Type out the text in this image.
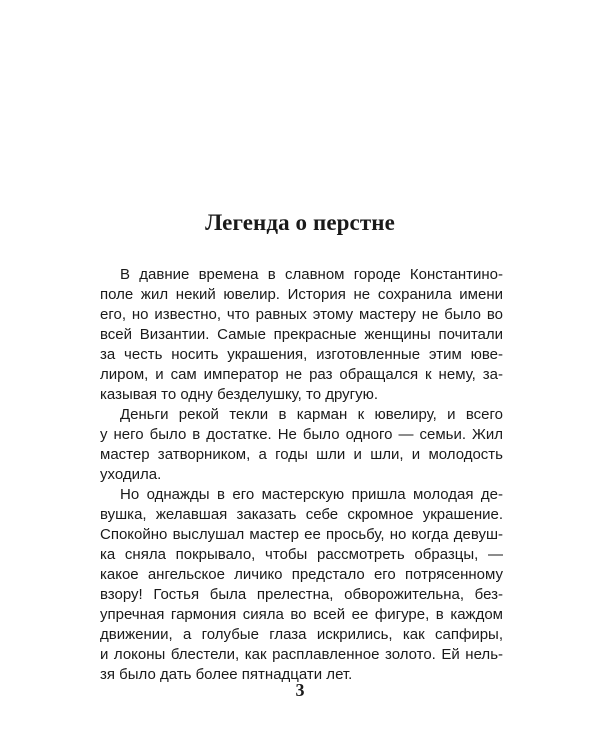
Легенда о перстне
В давние времена в славном городе Константино-
поле жил некий ювелир. История не сохранила имени
его, но известно, что равных этому мастеру не было во
всей Византии. Самые прекрасные женщины почитали
за честь носить украшения, изготовленные этим юве-
лиром, и сам император не раз обращался к нему, за-
казывая то одну безделушку, то другую.
Деньги рекой текли в карман к ювелиру, и всего
у него было в достатке. Не было одного — семьи. Жил
мастер затворником, а годы шли и шли, и молодость
уходила.
Но однажды в его мастерскую пришла молодая де-
вушка, желавшая заказать себе скромное украшение.
Спокойно выслушал мастер ее просьбу, но когда девуш-
ка сняла покрывало, чтобы рассмотреть образцы, —
какое ангельское личико предстало его потрясенному
взору! Гостья была прелестна, обворожительна, без-
упречная гармония сияла во всей ее фигуре, в каждом
движении, а голубые глаза искрились, как сапфиры,
и локоны блестели, как расплавленное золото. Ей нель-
зя было дать более пятнадцати лет.
3
